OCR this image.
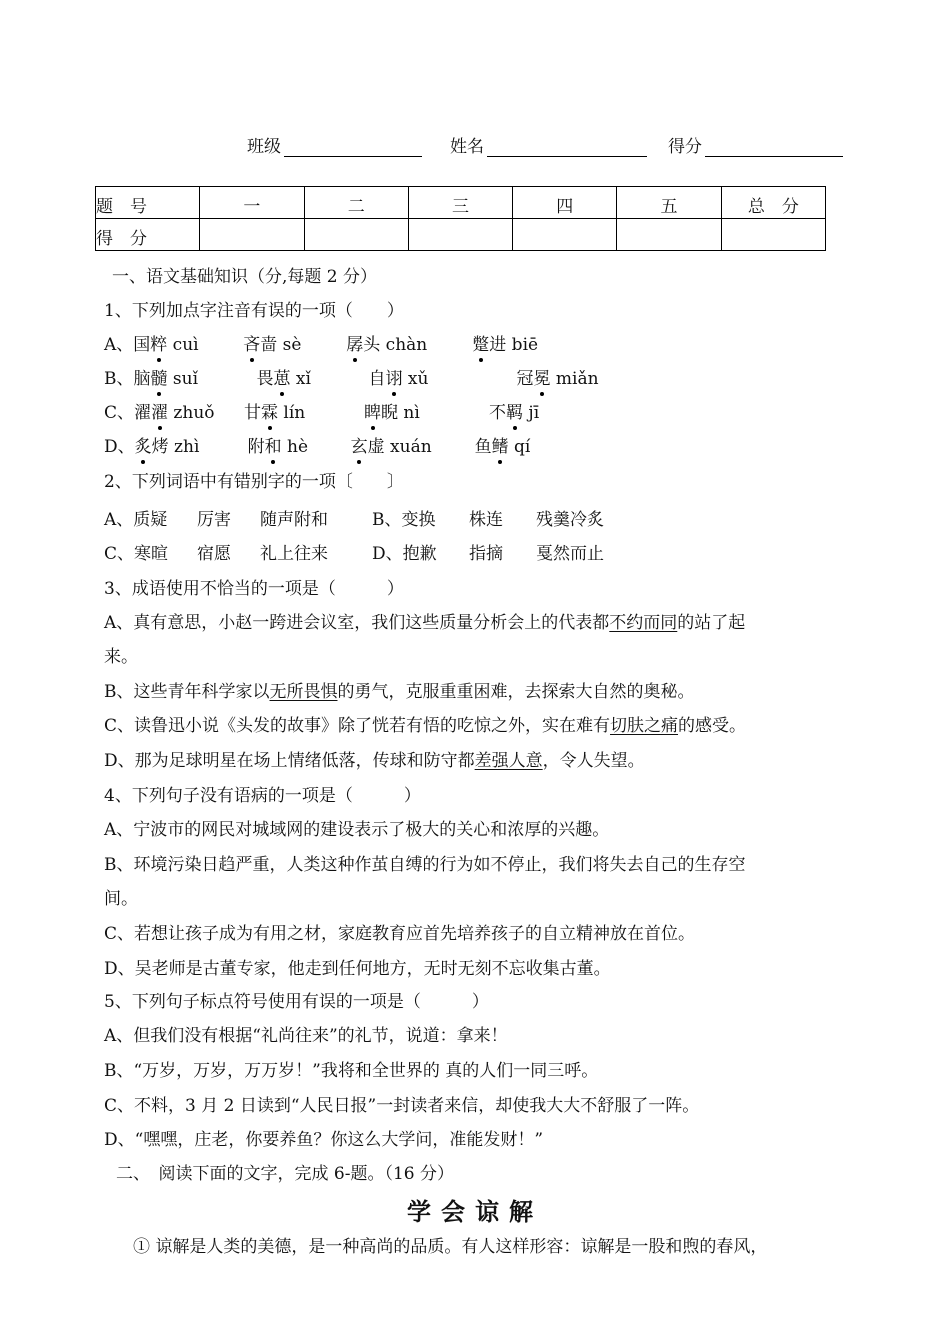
班级	姓名	得分
题　号	一	二	三	四	五	总　分
得　分						
一、语文基础知识（分,每题 2 分）
1、下列加点字注音有误的一项（　　）
A、国粹 cuì	吝啬 sè	孱头 chàn	蹩进 biē
B、脑髓 suǐ	畏葸 xǐ	自诩 xǔ	冠冕 miǎn
C、濯濯 zhuǒ 甘霖 lín	睥睨 nì	不羁 jī
D、炙烤 zhì	附和 hè	玄虚 xuán	鱼鳍 qí
2、下列词语中有错别字的一项〔　　〕
A、质疑 厉害 随声附和	B、变换 株连 残羹冷炙
C、寒暄 宿愿 礼上往来	D、抱歉 指摘 戛然而止
3、成语使用不恰当的一项是（　　　）
A、真有意思，小赵一跨进会议室，我们这些质量分析会上的代表都不约而同的站了起
来。
B、这些青年科学家以无所畏惧的勇气，克服重重困难，去探索大自然的奥秘。
C、读鲁迅小说《头发的故事》除了恍若有悟的吃惊之外，实在难有切肤之痛的感受。
D、那为足球明星在场上情绪低落，传球和防守都差强人意，令人失望。
4、下列句子没有语病的一项是（　　　）
A、宁波市的网民对城域网的建设表示了极大的关心和浓厚的兴趣。
B、环境污染日趋严重，人类这种作茧自缚的行为如不停止，我们将失去自己的生存空
间。
C、若想让孩子成为有用之材，家庭教育应首先培养孩子的自立精神放在首位。
D、吴老师是古董专家，他走到任何地方，无时无刻不忘收集古董。
5、下列句子标点符号使用有误的一项是（　　　）
A、但我们没有根据“礼尚往来”的礼节，说道：拿来！
B、“万岁，万岁，万万岁！”我将和全世界的 真的人们一同三呼。
C、不料，3 月 2 日读到“人民日报”一封读者来信，却使我大大不舒服了一阵。
D、“嘿嘿，庄老，你要养鱼？你这么大学问，准能发财！”
二、　阅读下面的文字，完成 6-题。（16 分）
学会谅解
① 谅解是人类的美德，是一种高尚的品质。有人这样形容：谅解是一股和煦的春风，
